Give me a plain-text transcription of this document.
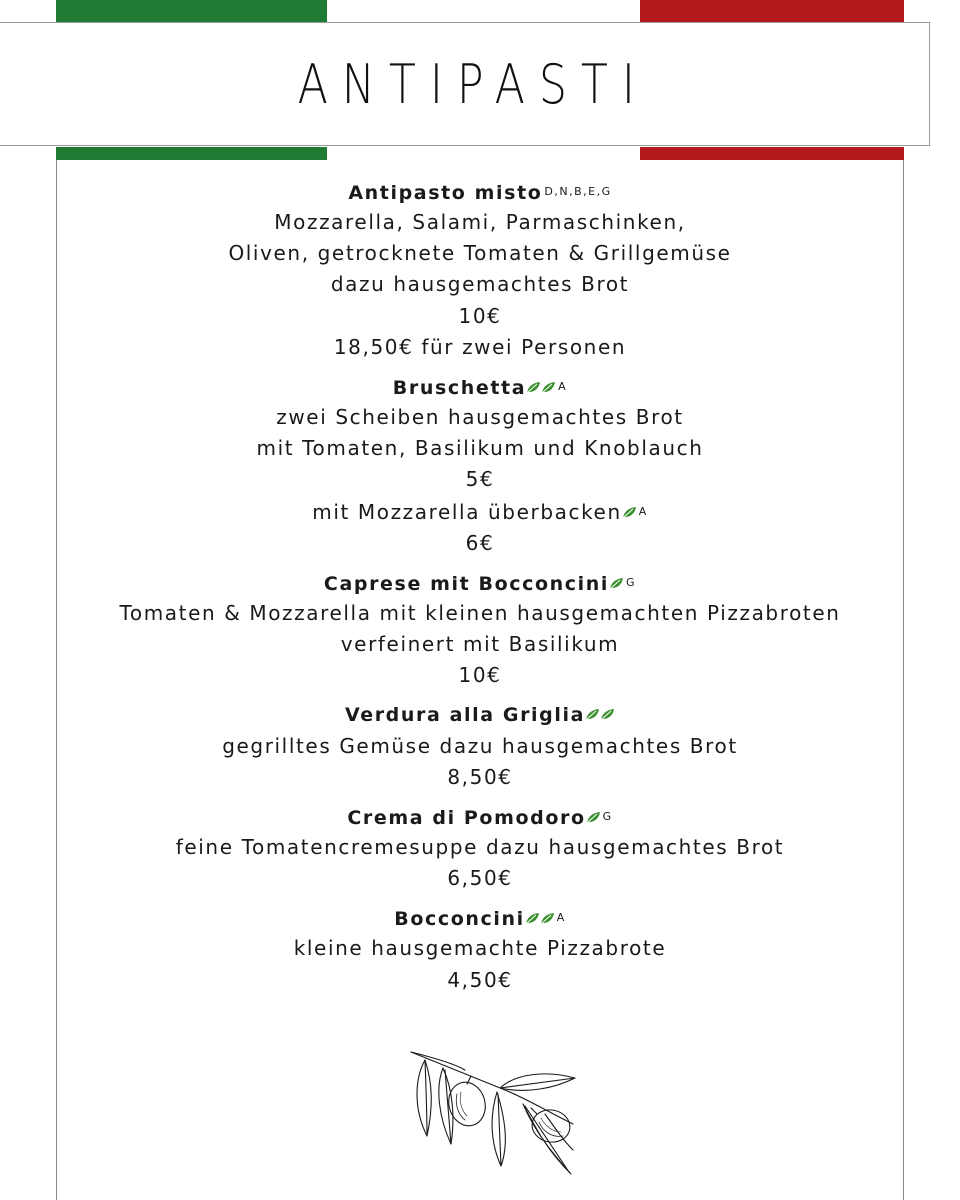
ANTIPASTI
Antipasto misto $^{D,N,B,E,G}$
Mozzarella, Salami, Parmaschinken,
Oliven, getrocknete Tomaten & Grillgemüse
dazu hausgemachtes Brot
10€
18,50€ für zwei Personen
Bruschetta	$^A$
zwei Scheiben hausgemachtes Brot
mit Tomaten, Basilikum und Knoblauch
5€
mit Mozzarella überbacken $^A$
6€
Caprese mit Bocconcini $^G$
Tomaten & Mozzarella mit kleinen hausgemachten Pizzabroten
verfeinert mit Basilikum
10€
Verdura alla Griglia
gegrilltes Gemüse dazu hausgemachtes Brot
8,50€
Crema di Pomodoro $^G$
feine Tomatencremesuppe dazu hausgemachtes Brot
6,50€
Bocconcini	$^A$
kleine hausgemachte Pizzabrote
4,50€
